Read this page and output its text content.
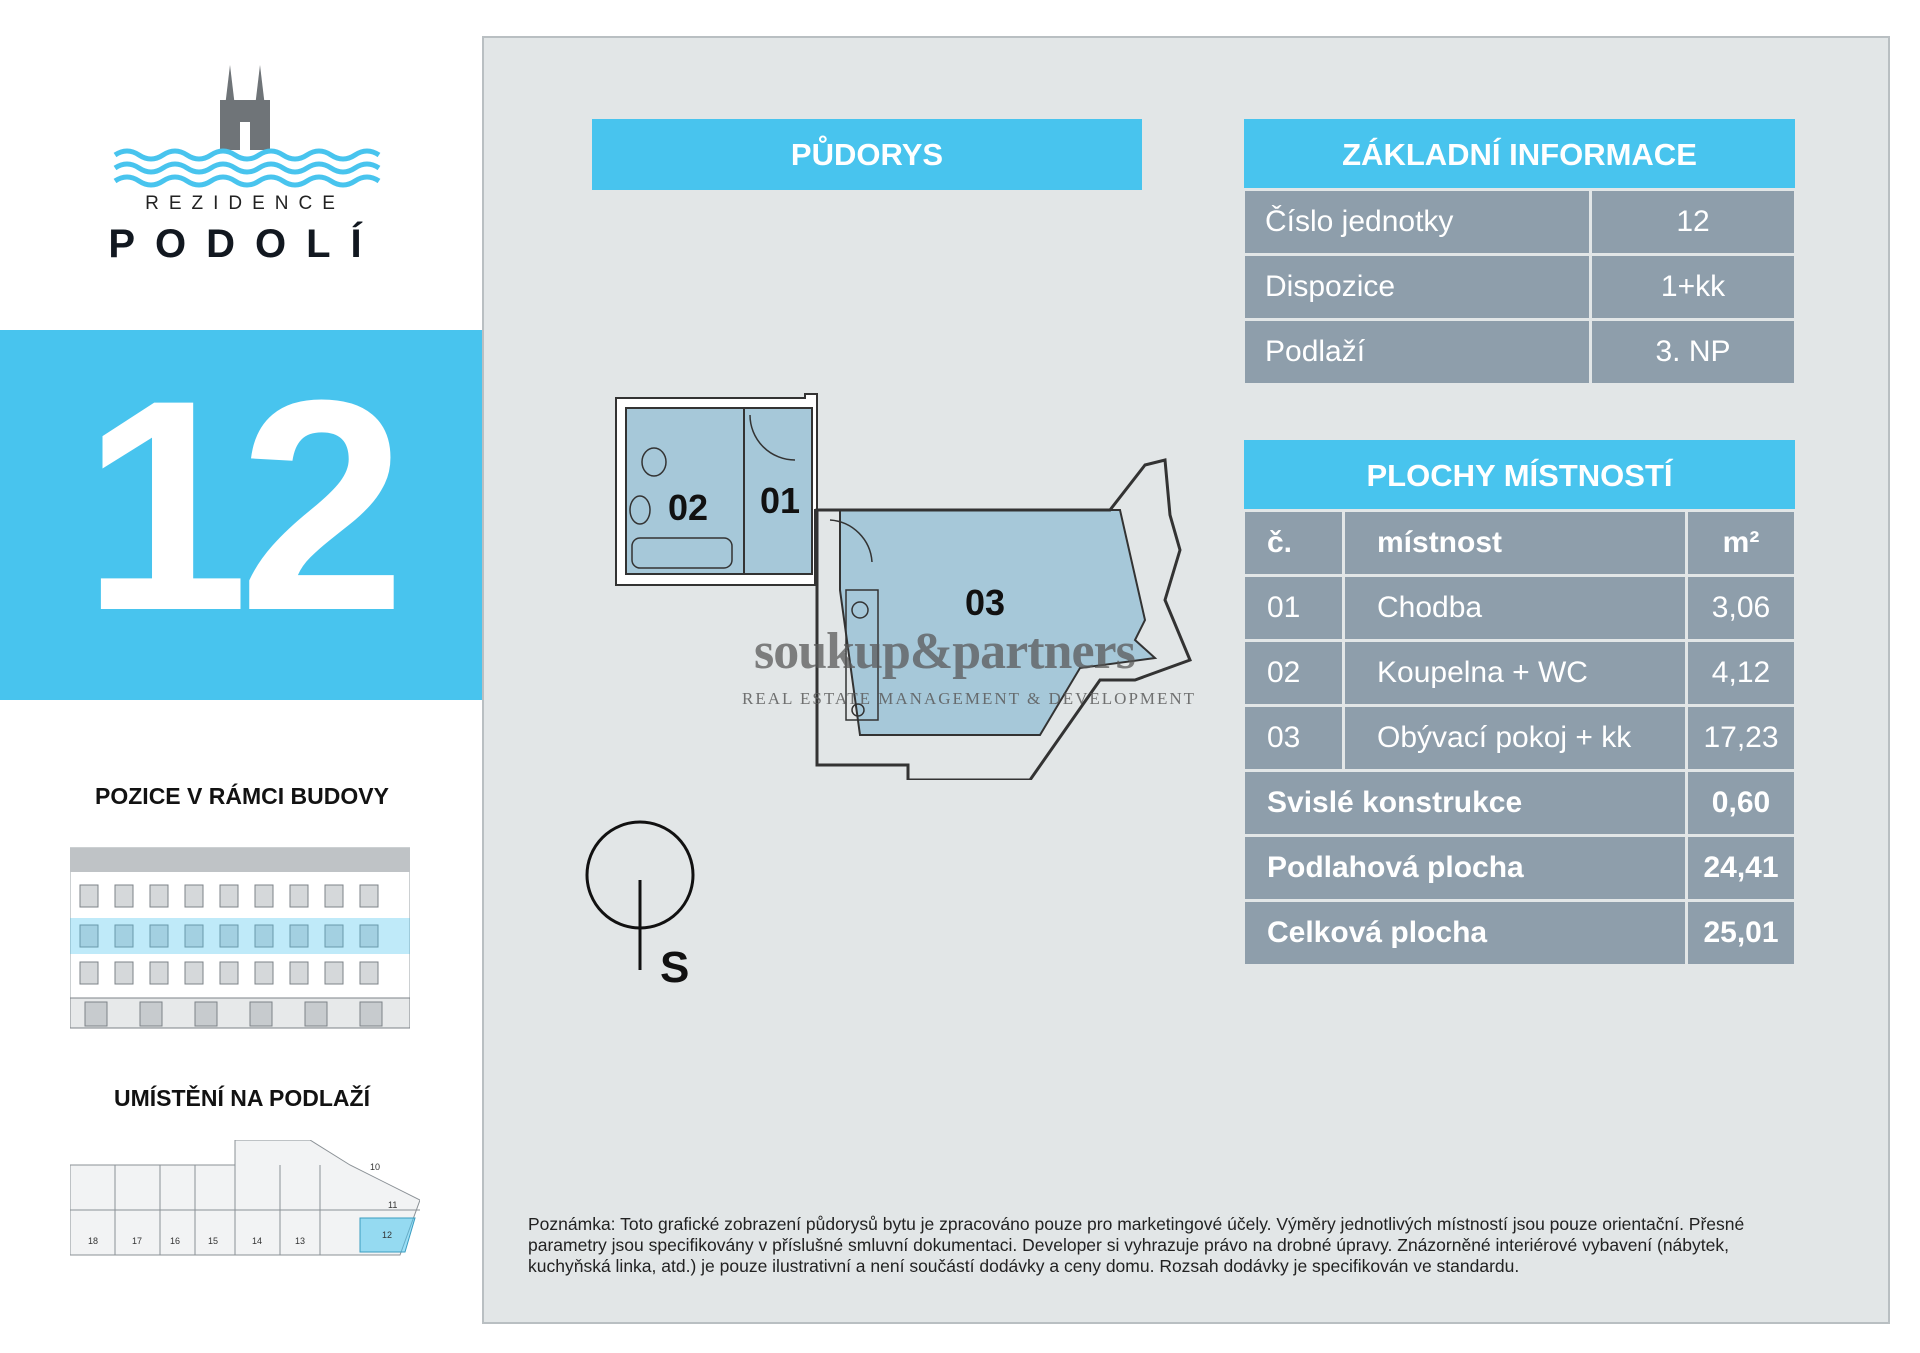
REZIDENCE
PODOLÍ
12
POZICE V RÁMCI BUDOVY
UMÍSTĚNÍ NA PODLAŽÍ
18	17	16	15	14	13
12
11
10
PŮDORYS
02 01
03
soukup&partners
REAL ESTATE MANAGEMENT & DEVELOPMENT
S
ZÁKLADNÍ INFORMACE
Číslo jednotky	12
Dispozice	1+kk
Podlaží	3. NP
PLOCHY MÍSTNOSTÍ
č.	místnost	m²
01	Chodba	3,06
02	Koupelna + WC	4,12
03	Obývací pokoj + kk	17,23
Svislé konstrukce		0,60
Podlahová plocha		24,41
Celková plocha		25,01
Poznámka: Toto grafické zobrazení půdorysů bytu je zpracováno pouze pro marketingové účely. Výměry jednotlivých místností jsou pouze orientační. Přesné parametry jsou specifikovány v příslušné smluvní dokumentaci. Developer si vyhrazuje právo na drobné úpravy. Znázorněné interiérové vybavení (nábytek, kuchyňská linka, atd.) je pouze ilustrativní a není součástí dodávky a ceny domu. Rozsah dodávky je specifikován ve standardu.
